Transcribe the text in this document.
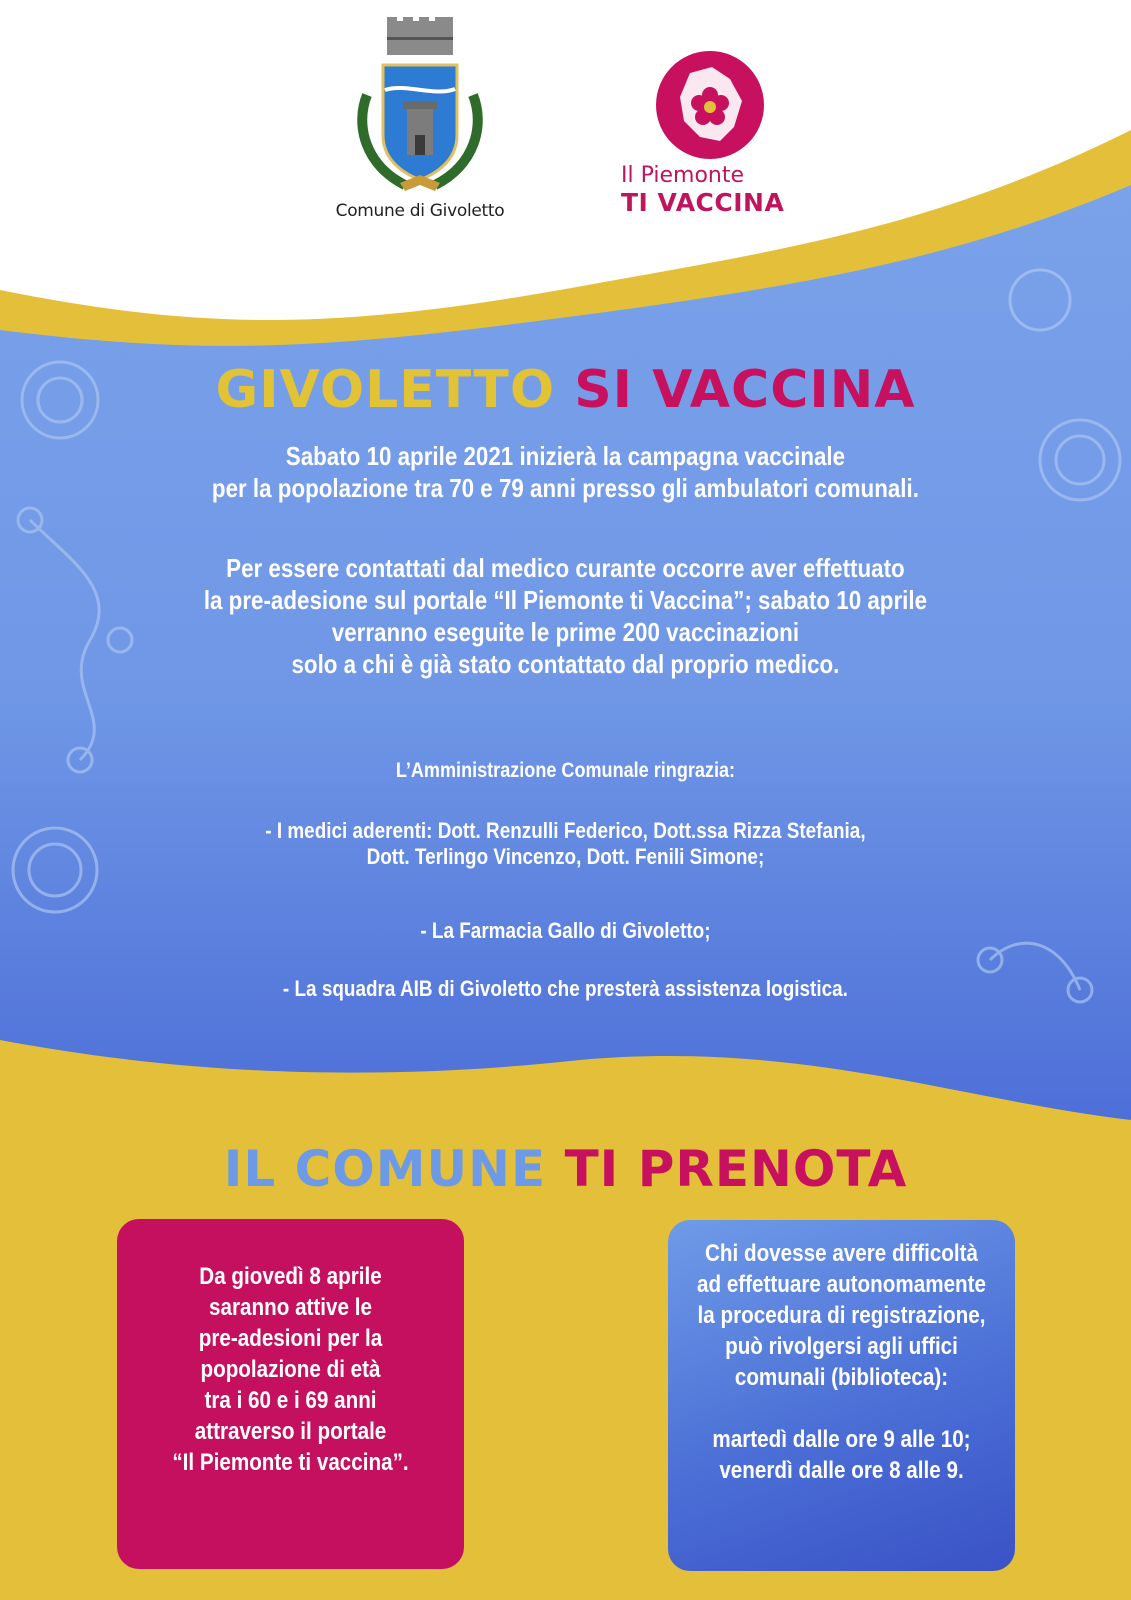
Comune di Givoletto
Il Piemonte
TI VACCINA
GIVOLETTO SI VACCINA
Sabato 10 aprile 2021 inizierà la campagna vaccinale
per la popolazione tra 70 e 79 anni presso gli ambulatori comunali.
Per essere contattati dal medico curante occorre aver effettuato
la pre-adesione sul portale “Il Piemonte ti Vaccina”; sabato 10 aprile
verranno eseguite le prime 200 vaccinazioni
solo a chi è già stato contattato dal proprio medico.
L’Amministrazione Comunale ringrazia:
- I medici aderenti: Dott. Renzulli Federico, Dott.ssa Rizza Stefania,
Dott. Terlingo Vincenzo, Dott. Fenili Simone;
- La Farmacia Gallo di Givoletto;
- La squadra AIB di Givoletto che presterà assistenza logistica.
IL COMUNE TI PRENOTA
Da giovedì 8 aprile
saranno attive le
pre-adesioni per la
popolazione di età
tra i 60 e i 69 anni
attraverso il portale
“Il Piemonte ti vaccina”.
Chi dovesse avere difficoltà
ad effettuare autonomamente
la procedura di registrazione,
può rivolgersi agli uffici
comunali (biblioteca):
martedì dalle ore 9 alle 10;
venerdì dalle ore 8 alle 9.
